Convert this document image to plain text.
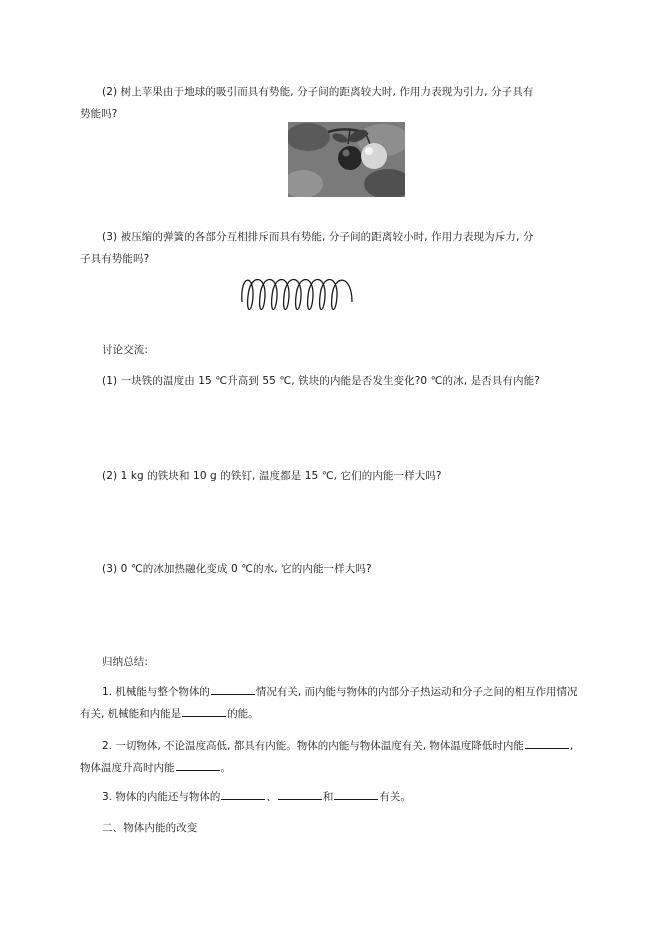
(2) 树上苹果由于地球的吸引而具有势能, 分子间的距离较大时, 作用力表现为引力, 分子具有
势能吗?
(3) 被压缩的弹簧的各部分互相排斥而具有势能, 分子间的距离较小时, 作用力表现为斥力, 分
子具有势能吗?
讨论交流:
(1) 一块铁的温度由 15 ℃升高到 55 ℃, 铁块的内能是否发生变化?0 ℃的冰, 是否具有内能?
(2) 1 kg 的铁块和 10 g 的铁钉, 温度都是 15 ℃, 它们的内能一样大吗?
(3) 0 ℃的冰加热融化变成 0 ℃的水, 它的内能一样大吗?
归纳总结:
1. 机械能与整个物体的	情况有关, 而内能与物体的内部分子热运动和分子之间的相互作用情况有关, 机械能和内能是	的能。
2. 一切物体, 不论温度高低, 都具有内能。物体的内能与物体温度有关, 物体温度降低时内能	, 物体温度升高时内能	。
3. 物体的内能还与物体的	、	和	有关。
二、物体内能的改变
